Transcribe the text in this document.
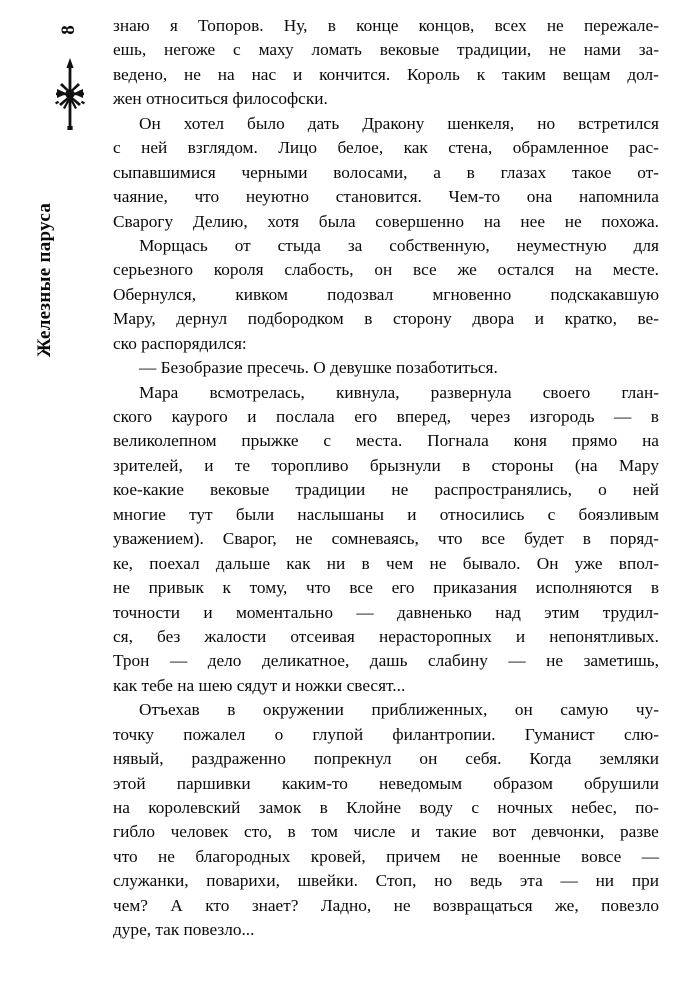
8
Железные паруса
знаю я Топоров. Ну, в конце концов, всех не пережале-
ешь, негоже с маху ломать вековые традиции, не нами за-
ведено, не на нас и кончится. Король к таким вещам дол-
жен относиться философски.
Он хотел было дать Дракону шенкеля, но встретился
с ней взглядом. Лицо белое, как стена, обрамленное рас-
сыпавшимися черными волосами, а в глазах такое от-
чаяние, что неуютно становится. Чем-то она напомнила
Сварогу Делию, хотя была совершенно на нее не похожа.
Морщась от стыда за собственную, неуместную для
серьезного короля слабость, он все же остался на месте.
Обернулся, кивком подозвал мгновенно подскакавшую
Мару, дернул подбородком в сторону двора и кратко, ве-
ско распорядился:
— Безобразие пресечь. О девушке позаботиться.
Мара всмотрелась, кивнула, развернула своего глан-
ского каурого и послала его вперед, через изгородь — в
великолепном прыжке с места. Погнала коня прямо на
зрителей, и те торопливо брызнули в стороны (на Мару
кое-какие вековые традиции не распространялись, о ней
многие тут были наслышаны и относились с боязливым
уважением). Сварог, не сомневаясь, что все будет в поряд-
ке, поехал дальше как ни в чем не бывало. Он уже впол-
не привык к тому, что все его приказания исполняются в
точности и моментально — давненько над этим трудил-
ся, без жалости отсеивая нерасторопных и непонятливых.
Трон — дело деликатное, дашь слабину — не заметишь,
как тебе на шею сядут и ножки свесят...
Отъехав в окружении приближенных, он самую чу-
точку пожалел о глупой филантропии. Гуманист слю-
нявый, раздраженно попрекнул он себя. Когда земляки
этой паршивки каким-то неведомым образом обрушили
на королевский замок в Клойне воду с ночных небес, по-
гибло человек сто, в том числе и такие вот девчонки, разве
что не благородных кровей, причем не военные вовсе —
служанки, поварихи, швейки. Стоп, но ведь эта — ни при
чем? А кто знает? Ладно, не возвращаться же, повезло
дуре, так повезло...
